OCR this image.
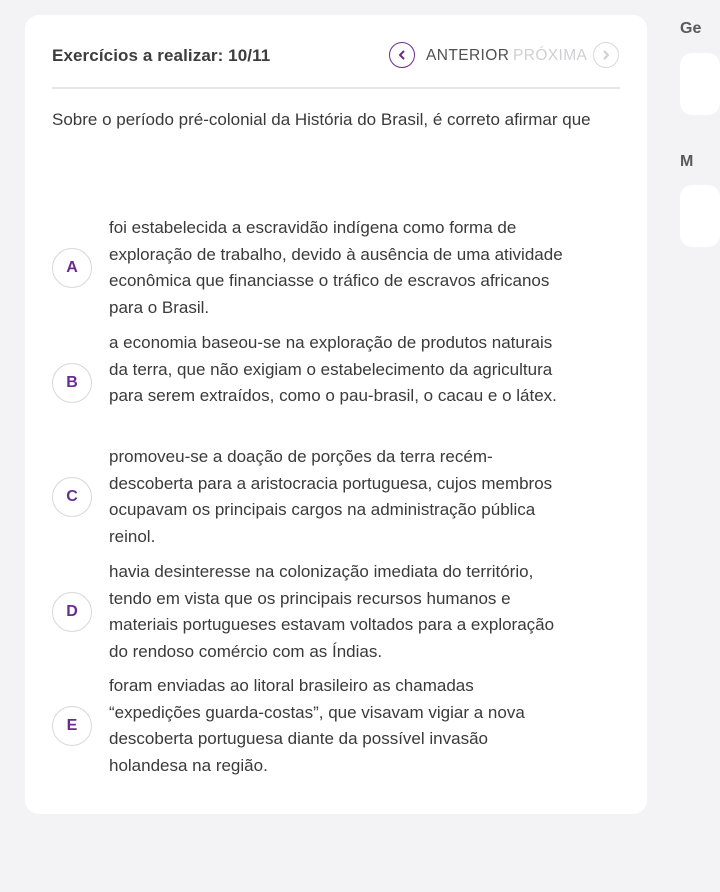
Exercícios a realizar: 10/11	ANTERIOR PRÓXIMA
Sobre o período pré-colonial da História do Brasil, é correto afirmar que
A
foi estabelecida a escravidão indígena como forma de exploração de trabalho, devido à ausência de uma atividade econômica que financiasse o tráfico de escravos africanos para o Brasil.
B
a economia baseou-se na exploração de produtos naturais da terra, que não exigiam o estabelecimento da agricultura para serem extraídos, como o pau-brasil, o cacau e o látex.
C
promoveu-se a doação de porções da terra recém-descoberta para a aristocracia portuguesa, cujos membros ocupavam os principais cargos na administração pública reinol.
D
havia desinteresse na colonização imediata do território, tendo em vista que os principais recursos humanos e materiais portugueses estavam voltados para a exploração do rendoso comércio com as Índias.
E
foram enviadas ao litoral brasileiro as chamadas “expedições guarda-costas”, que visavam vigiar a nova descoberta portuguesa diante da possível invasão holandesa na região.
Ge
M
